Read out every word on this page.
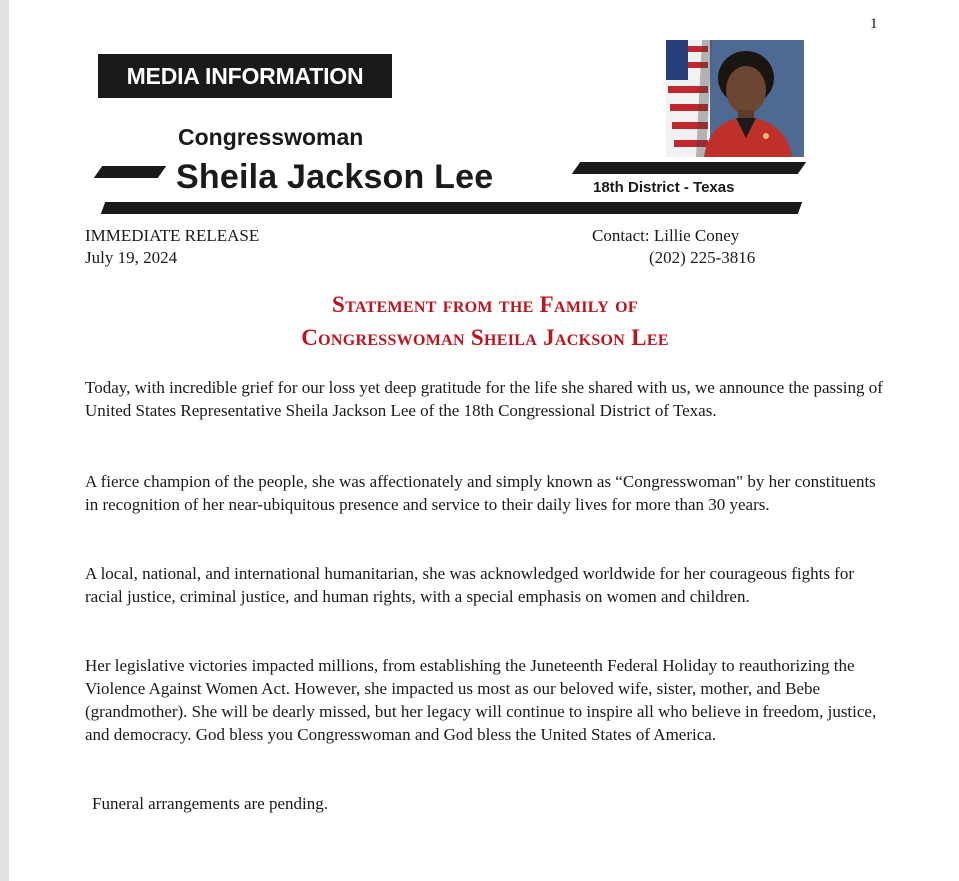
1
MEDIA INFORMATION
Congresswoman
Sheila Jackson Lee	18th District - Texas
IMMEDIATE RELEASE
July 19, 2024
Contact: Lillie Coney
(202) 225-3816
Statement from the Family of
Congresswoman Sheila Jackson Lee

Today, with incredible grief for our loss yet deep gratitude for the life she shared with us, we announce the passing of United States Representative Sheila Jackson Lee of the 18th Congressional District of Texas.

A fierce champion of the people, she was affectionately and simply known as “Congresswoman" by her constituents in recognition of her near-ubiquitous presence and service to their daily lives for more than 30 years.

A local, national, and international humanitarian, she was acknowledged worldwide for her courageous fights for racial justice, criminal justice, and human rights, with a special emphasis on women and children.

Her legislative victories impacted millions, from establishing the Juneteenth Federal Holiday to reauthorizing the Violence Against Women Act. However, she impacted us most as our beloved wife, sister, mother, and Bebe (grandmother). She will be dearly missed, but her legacy will continue to inspire all who believe in freedom, justice, and democracy. God bless you Congresswoman and God bless the United States of America.

Funeral arrangements are pending.
